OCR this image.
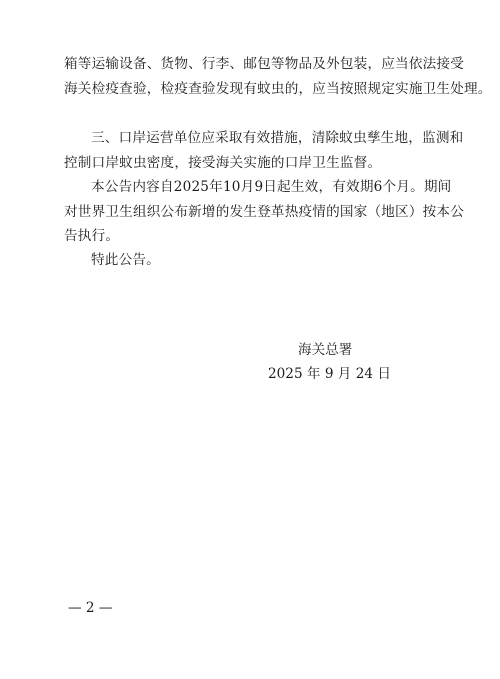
箱等运输设备、货物、行李、邮包等物品及外包装，应当依法接受
海关检疫查验，检疫查验发现有蚊虫的，应当按照规定实施卫生处理。

三、口岸运营单位应采取有效措施，清除蚊虫孳生地，监测和
控制口岸蚊虫密度，接受海关实施的口岸卫生监督。

本公告内容自2025年10月9日起生效，有效期6个月。期间
对世界卫生组织公布新增的发生登革热疫情的国家（地区）按本公
告执行。

特此公告。

海关总署

2025 年 9 月 24 日

— 2 —
